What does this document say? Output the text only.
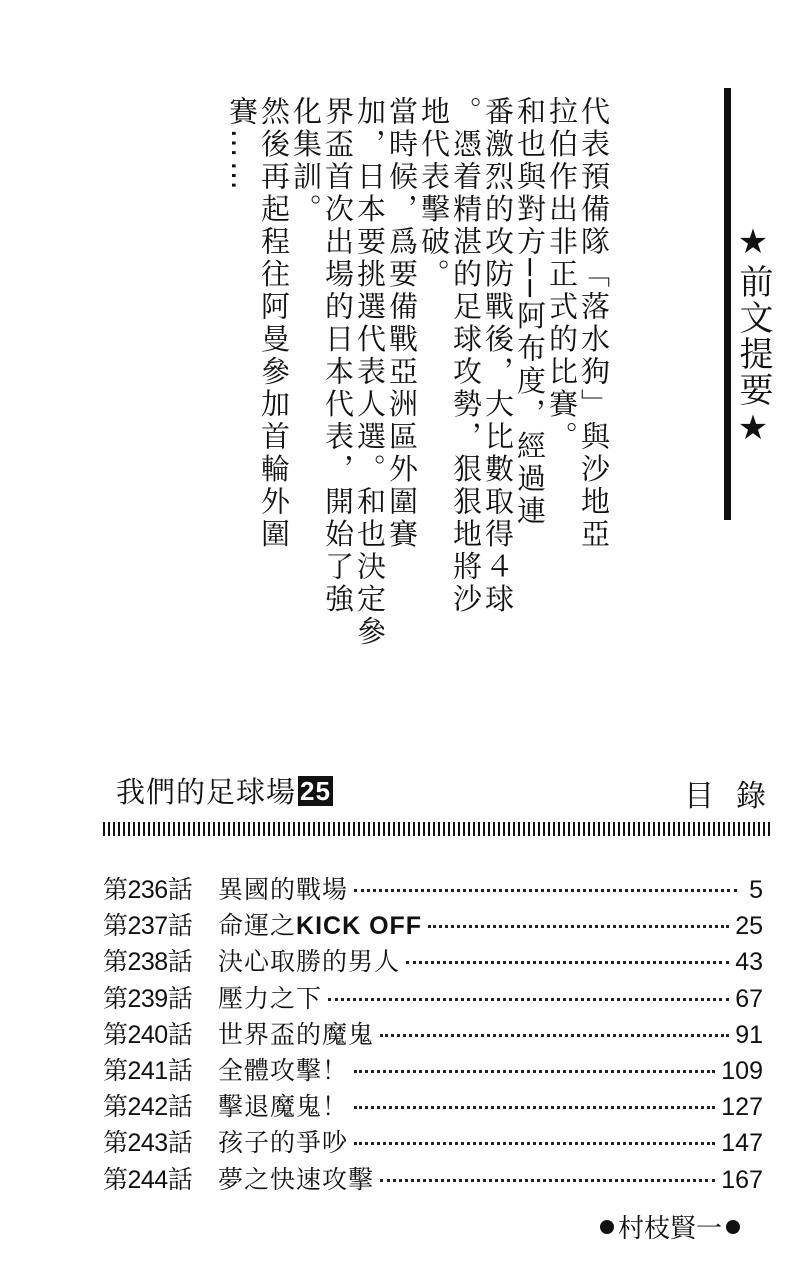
★前文提要★
代表預備隊「落水狗」與沙地亞
拉伯作出非正式的比賽。
和也與對方──阿布度，經過連
番激烈的攻防戰後，大比數取得４球
。憑着精湛的足球攻勢，狠狠地將沙
地代表擊破。
當時候，爲要備戰亞洲區外圍賽
加，日本要挑選代表人選。和也決定參
界盃首次出場的日本代表，開始了強
化集訓。
然後再起程往阿曼參加首輪外圍
賽……
我們的足球場 25	目錄
第236話	異國的戰場	5
第237話	命運之KICK OFF	25
第238話	決心取勝的男人	43
第239話	壓力之下	67
第240話	世界盃的魔鬼	91
第241話	全體攻擊！	109
第242話	擊退魔鬼！	127
第243話	孩子的爭吵	147
第244話	夢之快速攻擊	167
村枝賢一
